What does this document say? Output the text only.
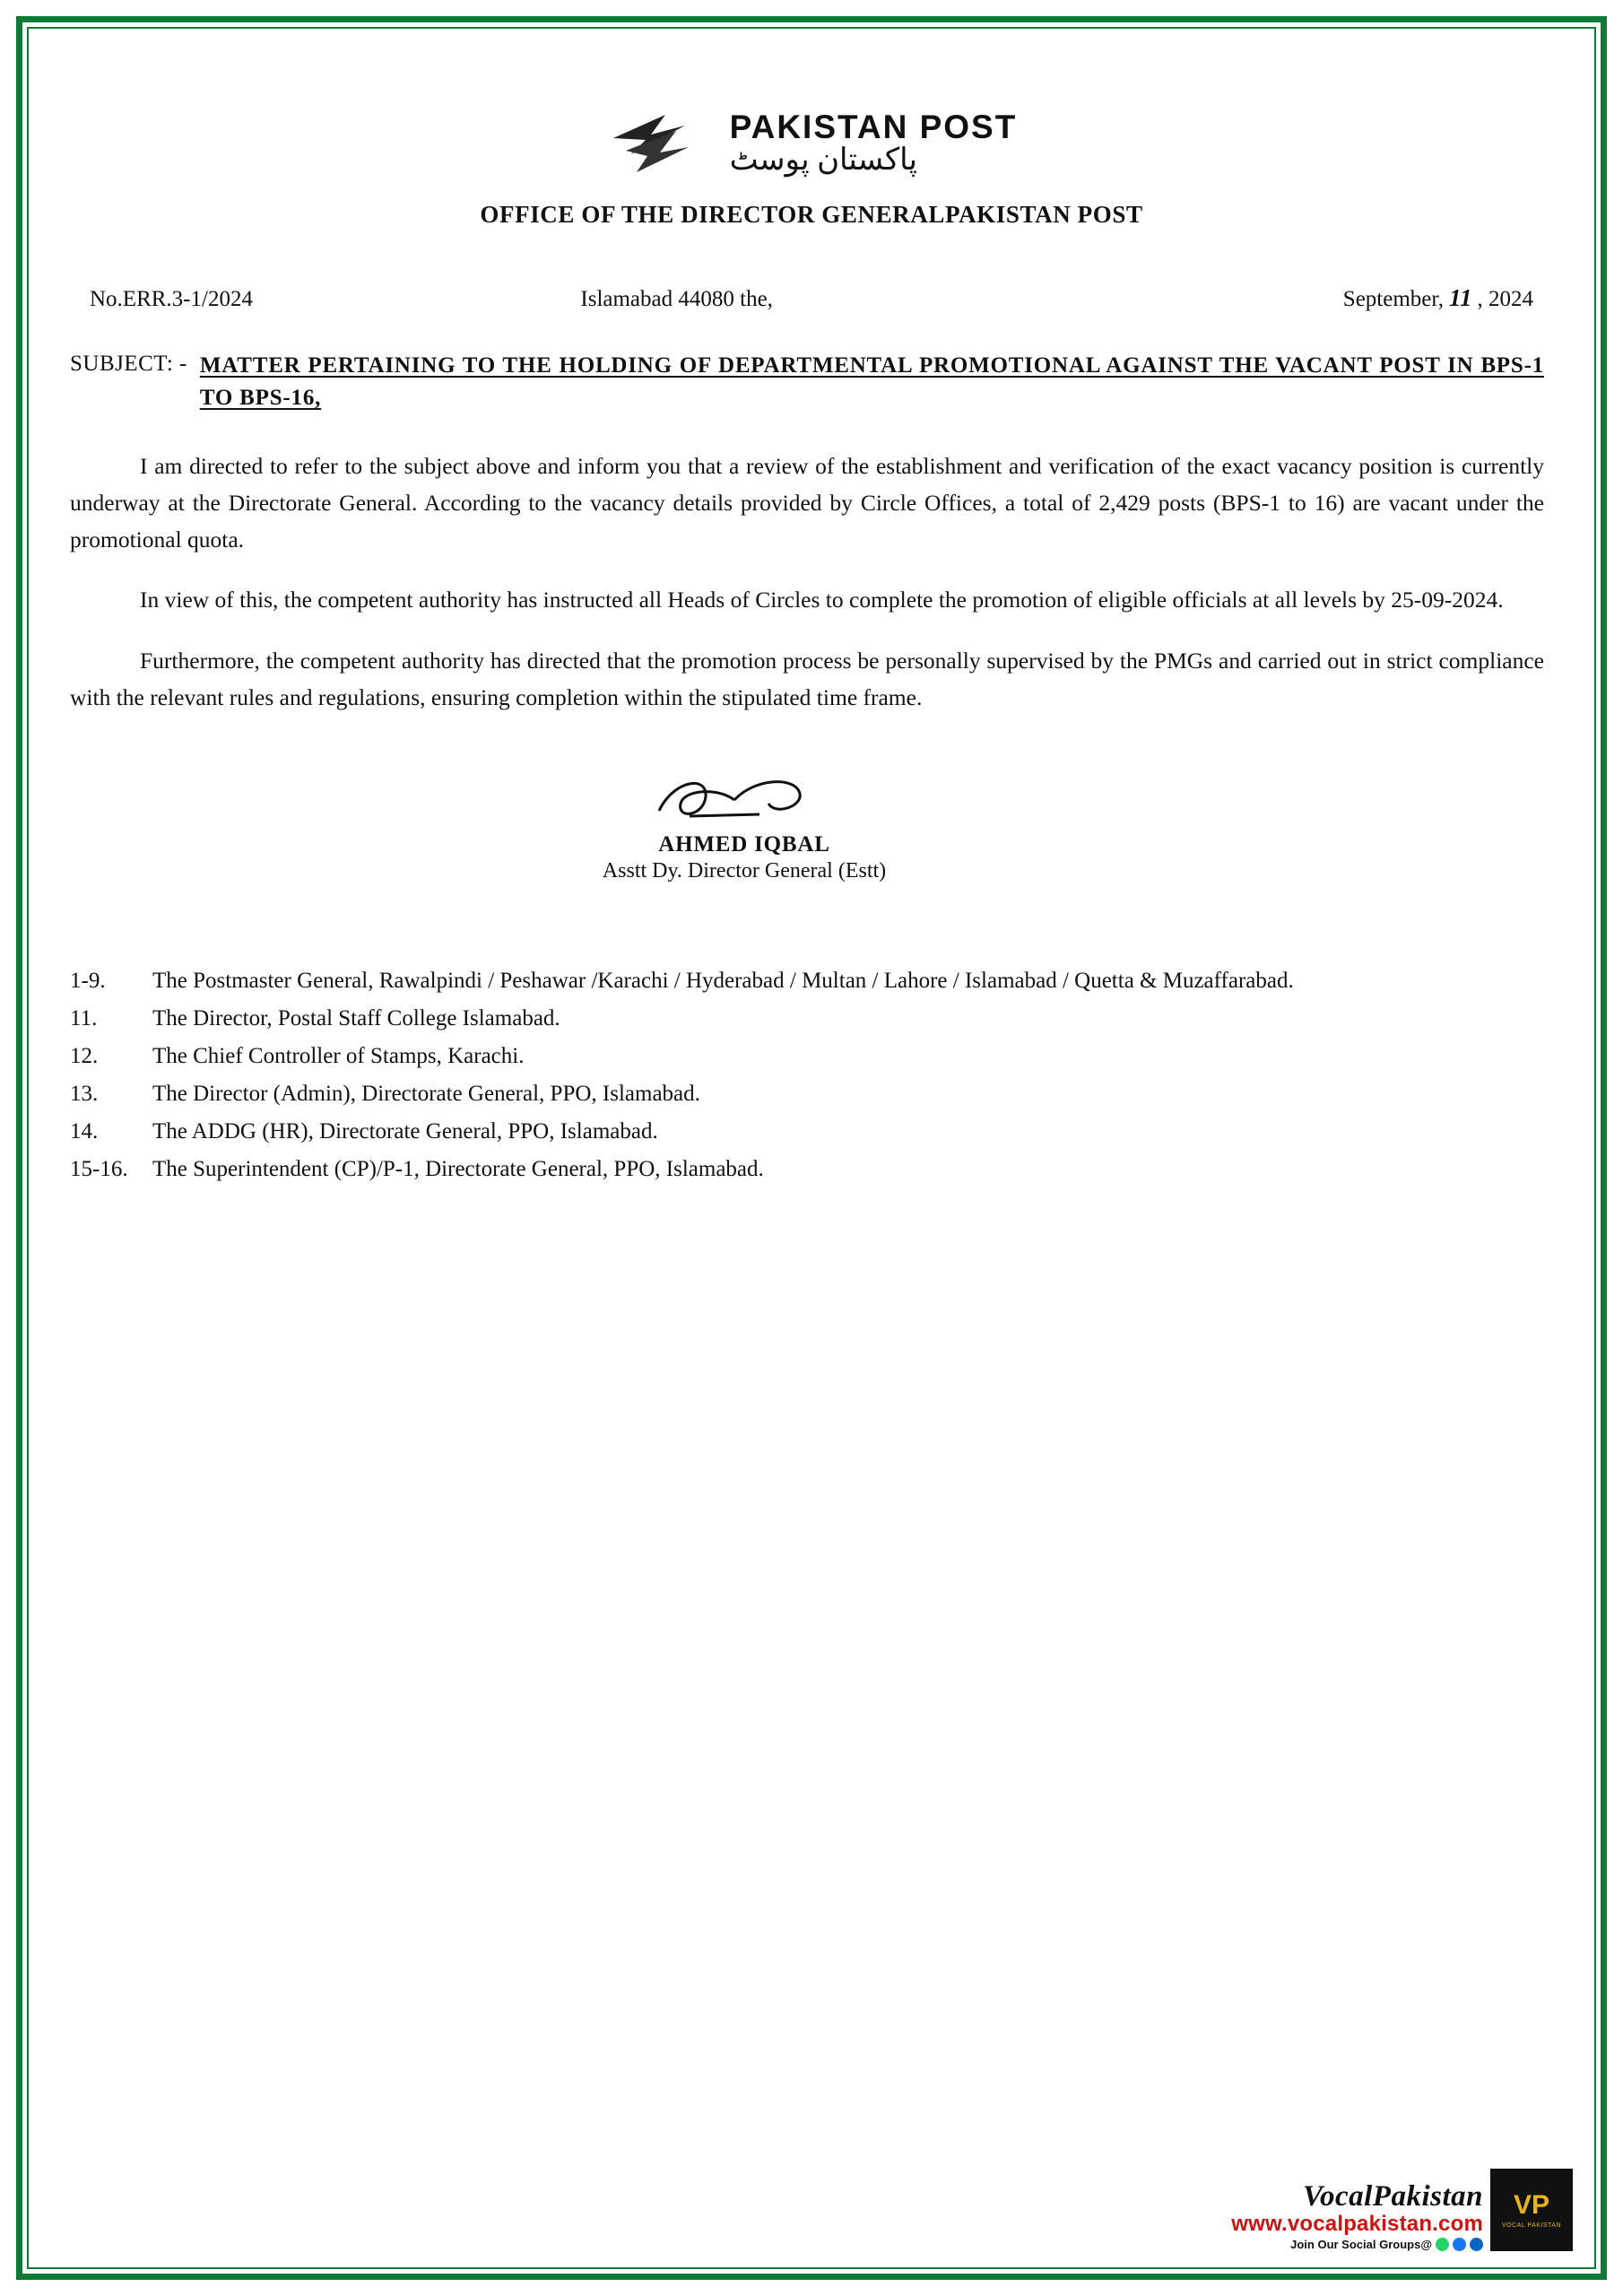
PAKISTAN POST
پاکستان پوسٹ
OFFICE OF THE DIRECTOR GENERALPAKISTAN POST
No.ERR.3-1/2024	Islamabad 44080 the,	September, 11 , 2024
SUBJECT: - MATTER PERTAINING TO THE HOLDING OF DEPARTMENTAL PROMOTIONAL AGAINST THE VACANT POST IN BPS-1 TO BPS-16,

I am directed to refer to the subject above and inform you that a review of the establishment and verification of the exact vacancy position is currently underway at the Directorate General. According to the vacancy details provided by Circle Offices, a total of 2,429 posts (BPS-1 to 16) are vacant under the promotional quota.

In view of this, the competent authority has instructed all Heads of Circles to complete the promotion of eligible officials at all levels by 25-09-2024.

Furthermore, the competent authority has directed that the promotion process be personally supervised by the PMGs and carried out in strict compliance with the relevant rules and regulations, ensuring completion within the stipulated time frame.

AHMED IQBAL
Asstt Dy. Director General (Estt)
1-9.	The Postmaster General, Rawalpindi / Peshawar /Karachi / Hyderabad / Multan / Lahore / Islamabad / Quetta & Muzaffarabad.
11.	The Director, Postal Staff College Islamabad.
12.	The Chief Controller of Stamps, Karachi.
13.	The Director (Admin), Directorate General, PPO, Islamabad.
14.	The ADDG (HR), Directorate General, PPO, Islamabad.
15-16.	The Superintendent (CP)/P-1, Directorate General, PPO, Islamabad.
VocalPakistan
www.vocalpakistan.com
Join Our Social Groups@
VP
VOCAL PAKISTAN
